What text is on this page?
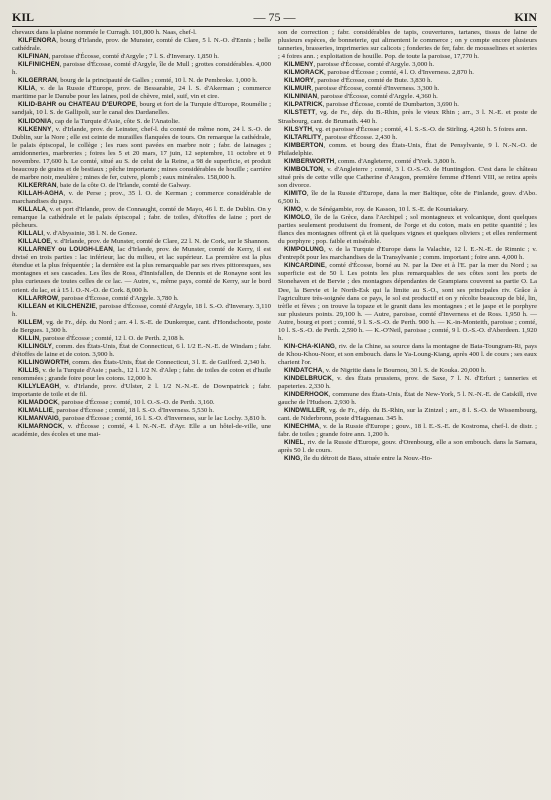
KIL	— 75 —	KIN

chevaux dans la plaine nommée le Curragh. 101,800 h. Naas, chef-l.

KILFENORA, bourg d'Irlande, prov. de Munster, comté de Clare, 5 l. N.-O. d'Ennis ; belle cathédrale.

KILFINAN, paroisse d'Écosse, comté d'Argyle ; 7 l. S. d'Inverary. 1,850 h.

KILFINICHEN, paroisse d'Écosse, comté d'Argyle, île de Mull ; grottes considérables. 4,000 h.

KILGERRAN, bourg de la principauté de Galles ; comté, 10 l. N. de Pembroke. 1,000 h.

KILIA, v. de la Russie d'Europe, prov. de Bessarabie, 24 l. S. d'Akerman ; commerce maritime par le Danube pour les laines, poil de chèvre, miel, suif, vin et cire.

KILID-BAHR ou CHATEAU D'EUROPE, bourg et fort de la Turquie d'Europe, Roumélie ; sandjak, 10 l. S. de Gallipoli, sur le canal des Dardanelles.

KILIDONIA, cap de la Turquie d'Asie, côte S. de l'Anatolie.

KILKENNY, v. d'Irlande, prov. de Leinster, chef-l. du comté de même nom, 24 l. S.-O. de Dublin, sur la Nore ; elle est ceinte de murailles flanquées de tours. On remarque la cathédrale, le palais épiscopal, le collège ; les rues sont pavées en marbre noir ; fabr. de lainages ; amidonneries, marbreries ; foires les 5 et 20 mars, 17 juin, 12 septembre, 11 octobre et 9 novembre. 17,600 h. Le comté, situé au S. de celui de la Reine, a 98 de superficie, et produit beaucoup de grains et de bestiaux ; pêche importante ; mines considérables de houille ; carrière de marbre noir, meulière ; mines de fer, cuivre, plomb ; eaux minérales. 158,000 h.

KILKERRAN, baie de la côte O. de l'Irlande, comté de Galway.

KILLAH-AGHA, v. de Perse ; prov., 35 l. O. de Kerman ; commerce considérable de marchandises du pays.

KILLALA, v. et port d'Irlande, prov. de Connaught, comté de Mayo, 46 l. E. de Dublin. On y remarque la cathédrale et le palais épiscopal ; fabr. de toiles, d'étoffes de laine ; port de pêcheurs.

KILLALI, v. d'Abyssinie, 38 l. N. de Gonez.

KILLALOE, v. d'Irlande, prov. de Munster, comté de Clare, 22 l. N. de Cork, sur le Shannon.

KILLARNEY ou LOUGH-LEAN, lac d'Irlande, prov. de Munster, comté de Kerry, il est divisé en trois parties : lac inférieur, lac du milieu, et lac supérieur. La première est la plus étendue et la plus fréquentée ; la dernière est la plus remarquable par ses rives pittoresques, ses montagnes et ses cascades. Les îles de Ross, d'Innisfallen, de Dennis et de Ronayne sont les plus curieuses de toutes celles de ce lac. — Autre, v., même pays, comté de Kerry, sur le bord orient. du lac, et à 15 l. O.-N.-O. de Cork. 8,000 h.

KILLARROW, paroisse d'Écosse, comté d'Argyle. 3,780 h.

KILLEAN et KILCHENZIE, paroisse d'Écosse, comté d'Argyle, 18 l. S.-O. d'Inverary. 3,110 h.

KILLEM, vg. de Fr., dép. du Nord ; arr. 4 l. S.-E. de Dunkerque, cant. d'Hondschoote, poste de Bergues. 1,300 h.

KILLIN, paroisse d'Écosse ; comté, 12 l. O. de Perth. 2,108 h.

KILLINGLY, comm. des États-Unis, État de Connecticut, 6 l. 1/2 E.-N.-E. de Windam ; fabr. d'étoffes de laine et de coton. 3,900 h.

KILLINGWORTH, comm. des États-Unis, État de Connecticut, 3 l. E. de Guilford. 2,340 h.

KILLIS, v. de la Turquie d'Asie ; pach., 12 l. 1/2 N. d'Alep ; fabr. de toiles de coton et d'huile renommées ; grande foire pour les cotons. 12,000 h.

KILLYLEAGH, v. d'Irlande, prov. d'Ulster, 2 l. 1/2 N.-N.-E. de Downpatrick ; fabr. importante de toile et de fil.

KILMADOCK, paroisse d'Écosse ; comté, 10 l. O.-S.-O. de Perth. 3,160.

KILMALLIE, paroisse d'Écosse ; comté, 18 l. S.-O. d'Inverness. 5,530 h.

KILMANVAIG, paroisse d'Écosse ; comté, 16 l. S.-O. d'Inverness, sur le lac Lochy. 3,810 h.

KILMARNOCK, v. d'Écosse ; comté, 4 l. N.-N.-E. d'Ayr. Elle a un hôtel-de-ville, une académie, des écoles et une mai-

son de correction ; fabr. considérables de tapis, couvertures, tartanes, tissus de laine de plusieurs espèces, de bonneterie, qui alimentent le commerce ; on y compte encore plusieurs tanneries, brasseries, imprimeries sur calicots ; fonderies de fer, fabr. de mousselines et soieries ; 4 foires ann. ; exploitation de houille. Pop. de toute la paroisse, 17,770 h.

KILMENY, paroisse d'Écosse, comté d'Argyle. 3,000 h.

KILMORACK, paroisse d'Écosse ; comté, 4 l. O. d'Inverness. 2,870 h.

KILMORY, paroisse d'Écosse, comté de Bute. 3,830 h.

KILMUIR, paroisse d'Écosse, comté d'Inverness. 3,300 h.

KILNINIAN, paroisse d'Écosse, comté d'Argyle. 4,360 h.

KILPATRICK, paroisse d'Écosse, comté de Dumbarton, 3,690 h.

KILSTETT, vg. de Fr., dép. du B.-Rhin, près le vieux Rhin ; arr., 3 l. N.-E. et poste de Strasbourg, cant. de Brumath. 440 h.

KILSYTH, vg. et paroisse d'Écosse ; comté, 4 l. S.-S.-O. de Stirling. 4,260 h. 5 foires ann.

KILTARLITY, paroisse d'Écosse. 2,430 h.

KIMBERTON, comm. et bourg des États-Unis, État de Pensylvanie, 9 l. N.-N.-O. de Philadelphie.

KIMBERWORTH, comm. d'Angleterre, comté d'York. 3,800 h.

KIMBOLTON, v. d'Angleterre ; comté, 3 l. O.-S.-O. de Huntingdon. C'est dans le château situé près de cette ville que Catherine d'Aragon, première femme d'Henri VIII, se retira après son divorce.

KIMITO, île de la Russie d'Europe, dans la mer Baltique, côte de Finlande, gouv. d'Abo. 6,500 h.

KIMO, v. de Sénégambie, roy. de Kasson, 10 l. S.-E. de Kouniakary.

KIMOLO, île de la Grèce, dans l'Archipel ; sol montagneux et volcanique, dont quelques parties seulement produisent du froment, de l'orge et du coton, mais en petite quantité ; les flancs des montagnes offrent çà et là quelques vignes et quelques oliviers ; et elles renferment du porphyre ; pop. faible et misérable.

KIMPOLUNG, v. de la Turquie d'Europe dans la Valachie, 12 l. E.-N.-E. de Rimnic ; v. d'entrepôt pour les marchandises de la Transylvanie ; comm. important ; foire ann. 4,000 h.

KINCARDINE, comté d'Écosse, borné au N. par la Dee et à l'E. par la mer du Nord ; sa superficie est de 50 l. Les points les plus remarquables de ses côtes sont les ports de Stonehaven et de Bervie ; des montagnes dépendantes de Grampians couvrent sa partie O. La Dee, la Bervie et le North-Esk qui la limite au S.-O., sont ses principales riv. Grâce à l'agriculture très-soignée dans ce pays, le sol est productif et on y récolte beaucoup de blé, lin, trèfle et fèves ; on trouve la topaze et le granit dans les montagnes ; et le jaspe et le porphyre sur plusieurs points. 29,100 h. — Autre, paroisse, comté d'Inverness et de Ross. 1,950 h. — Autre, bourg et port ; comté, 9 l. S.-S.-O. de Perth. 900 h. — K.-in-Monteith, paroisse ; comté, 10 l. S.-S.-O. de Perth. 2,590 h. — K.-O'Neil, paroisse ; comté, 9 l. O.-S.-O. d'Aberdeen. 1,920 h.

KIN-CHA-KIANG, riv. de la Chine, sa source dans la montagne de Bata-Toungram-Ri, pays de Khou-Khou-Noor, et son embouch. dans le Ya-Loung-Kiang, après 400 l. de cours ; ses eaux charient l'or.

KINDATCHA, v. de Nigritie dans le Bournou, 30 l. S. de Kouka. 20,000 h.

KINDELBRUCK, v. des États prussiens, prov. de Saxe, 7 l. N. d'Erfurt ; tanneries et papeteries. 2,330 h.

KINDERHOOK, commune des États-Unis, État de New-York, 5 l. N.-N.-E. de Catskill, rive gauche de l'Hudson. 2,930 h.

KINDWILLER, vg. de Fr., dép. du B.-Rhin, sur la Zintzel ; arr., 8 l. S.-O. de Wissembourg, cant. de Niderbronn, poste d'Haguenau. 345 h.

KINECHMA, v. de la Russie d'Europe ; gouv., 18 l. E.-S.-E. de Kostroma, chef-l. de distr. ; fabr. de toiles ; grande foire ann. 1,200 h.

KINEL, riv. de la Russie d'Europe, gouv. d'Orenbourg, elle a son embouch. dans la Samara, après 50 l. de cours.

KING, île du détroit de Bass, située entre la Nouv.-Ho-
